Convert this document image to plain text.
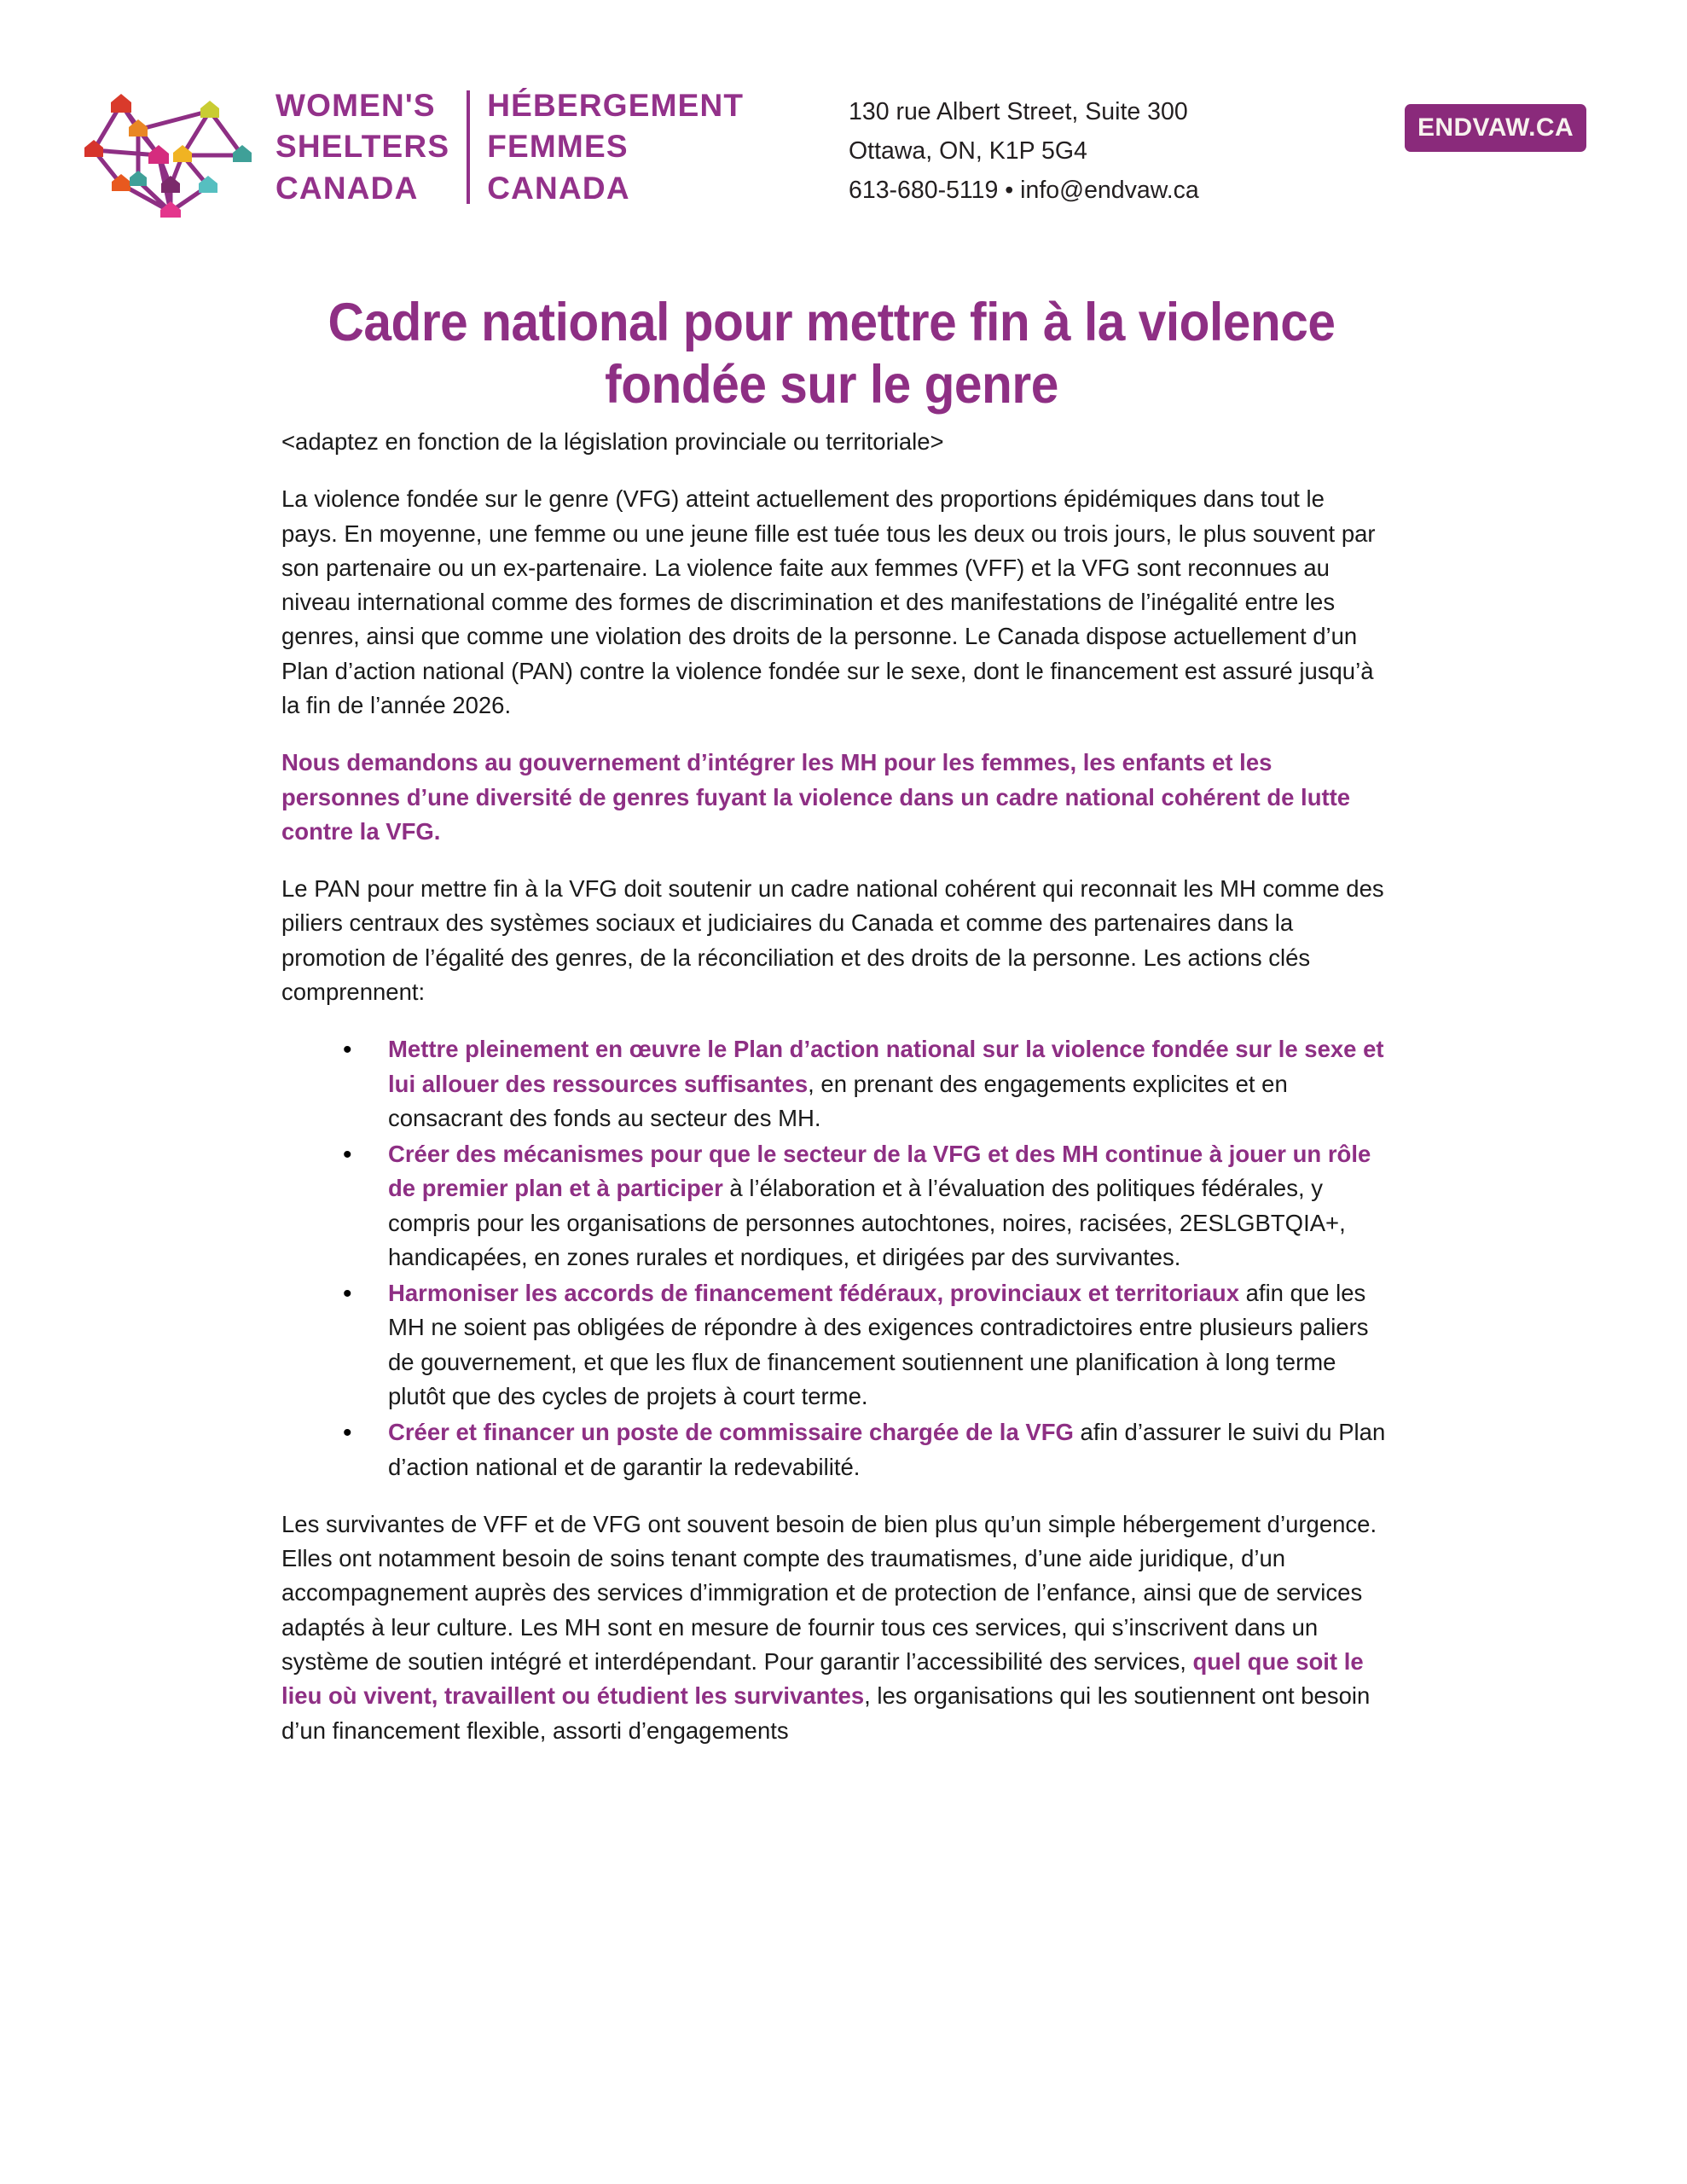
WOMEN'S
SHELTERS
CANADA
HÉBERGEMENT
FEMMES
CANADA
130 rue Albert Street, Suite 300
Ottawa, ON, K1P 5G4
613-680-5119 • info@endvaw.ca
ENDVAW.CA
Cadre national pour mettre fin à la violence fondée sur le genre

<adaptez en fonction de la législation provinciale ou territoriale>

La violence fondée sur le genre (VFG) atteint actuellement des proportions épidémiques dans tout le pays. En moyenne, une femme ou une jeune fille est tuée tous les deux ou trois jours, le plus souvent par son partenaire ou un ex-partenaire. La violence faite aux femmes (VFF) et la VFG sont reconnues au niveau international comme des formes de discrimination et des manifestations de l’inégalité entre les genres, ainsi que comme une violation des droits de la personne. Le Canada dispose actuellement d’un Plan d’action national (PAN) contre la violence fondée sur le sexe, dont le financement est assuré jusqu’à la fin de l’année 2026.

Nous demandons au gouvernement d’intégrer les MH pour les femmes, les enfants et les personnes d’une diversité de genres fuyant la violence dans un cadre national cohérent de lutte contre la VFG.

Le PAN pour mettre fin à la VFG doit soutenir un cadre national cohérent qui reconnait les MH comme des piliers centraux des systèmes sociaux et judiciaires du Canada et comme des partenaires dans la promotion de l’égalité des genres, de la réconciliation et des droits de la personne. Les actions clés comprennent:

• Mettre pleinement en œuvre le Plan d’action national sur la violence fondée sur le sexe et lui allouer des ressources suffisantes, en prenant des engagements explicites et en consacrant des fonds au secteur des MH.
• Créer des mécanismes pour que le secteur de la VFG et des MH continue à jouer un rôle de premier plan et à participer à l’élaboration et à l’évaluation des politiques fédérales, y compris pour les organisations de personnes autochtones, noires, racisées, 2ESLGBTQIA+, handicapées, en zones rurales et nordiques, et dirigées par des survivantes.
• Harmoniser les accords de financement fédéraux, provinciaux et territoriaux afin que les MH ne soient pas obligées de répondre à des exigences contradictoires entre plusieurs paliers de gouvernement, et que les flux de financement soutiennent une planification à long terme plutôt que des cycles de projets à court terme.
• Créer et financer un poste de commissaire chargée de la VFG afin d’assurer le suivi du Plan d’action national et de garantir la redevabilité.

Les survivantes de VFF et de VFG ont souvent besoin de bien plus qu’un simple hébergement d’urgence. Elles ont notamment besoin de soins tenant compte des traumatismes, d’une aide juridique, d’un accompagnement auprès des services d’immigration et de protection de l’enfance, ainsi que de services adaptés à leur culture. Les MH sont en mesure de fournir tous ces services, qui s’inscrivent dans un système de soutien intégré et interdépendant. Pour garantir l’accessibilité des services, quel que soit le lieu où vivent, travaillent ou étudient les survivantes, les organisations qui les soutiennent ont besoin d’un financement flexible, assorti d’engagements
